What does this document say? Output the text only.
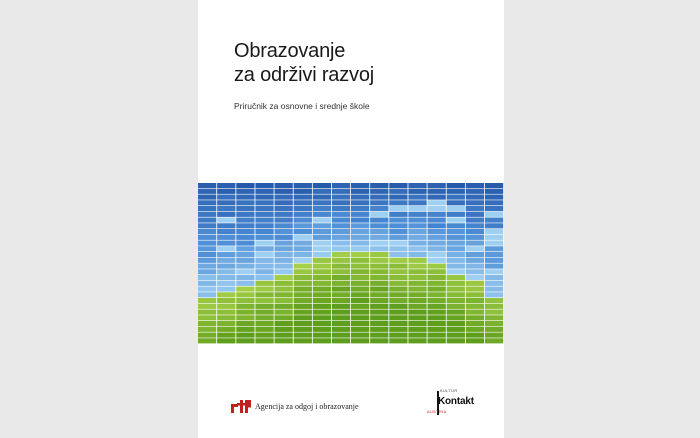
Obrazovanje
za održivi razvoj
Priručnik za osnovne i srednje škole
Agencija za odgoj i obrazovanje
KULTUR
Kontakt
AUSTRIA
